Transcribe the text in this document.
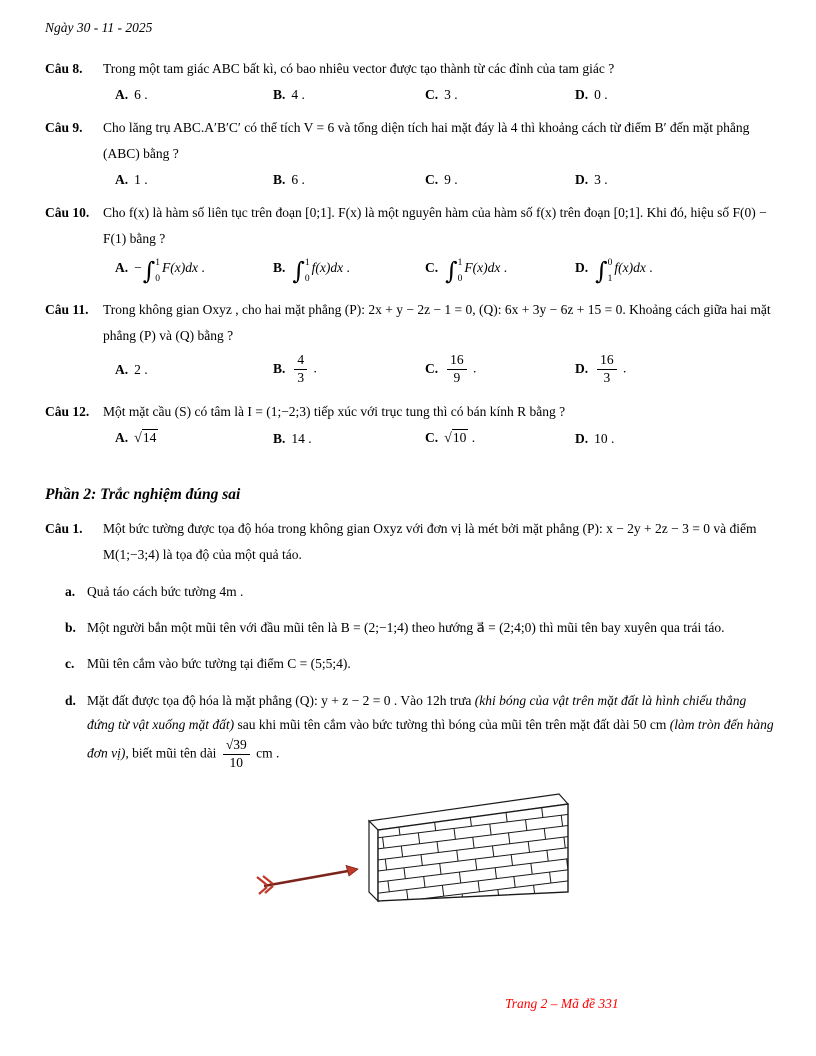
Ngày 30 - 11 - 2025
Câu 8.	Trong một tam giác ABC bất kì, có bao nhiêu vector được tạo thành từ các đỉnh của tam giác ?
A. 6 .	B. 4 .	C. 3 .	D. 0 .
Câu 9.	Cho lăng trụ ABC.A′B′C′ có thể tích V = 6 và tổng diện tích hai mặt đáy là 4 thì khoảng cách từ điểm B′ đến mặt phẳng (ABC) bằng ?
A. 1 .	B. 6 .	C. 9 .	D. 3 .
Câu 10.	Cho f(x) là hàm số liên tục trên đoạn [0;1]. F(x) là một nguyên hàm của hàm số f(x) trên đoạn [0;1]. Khi đó, hiệu số F(0) − F(1) bằng ?
A. − ∫ 1
0
F(x)dx .	B. ∫ 1
0
f(x)dx .	C. ∫ 1
0
F(x)dx .	D. ∫ 0
1
f(x)dx .
Câu 11.	Trong không gian Oxyz , cho hai mặt phẳng (P): 2x + y − 2z − 1 = 0, (Q): 6x + 3y − 6z + 15 = 0. Khoảng cách giữa hai mặt phẳng (P) và (Q) bằng ?
A. 2 .	B. $\frac{4}{3}$ .	C. $\frac{16}{9}$ .	D. $\frac{16}{3}$ .
Câu 12.	Một mặt cầu (S) có tâm là I = (1;−2;3) tiếp xúc với trục tung thì có bán kính R bằng ?
A. √14	B. 14 .	C. √10 .	D. 10 .
Phần 2: Trắc nghiệm đúng sai
Câu 1.	Một bức tường được tọa độ hóa trong không gian Oxyz với đơn vị là mét bởi mặt phẳng (P): x − 2y + 2z − 3 = 0 và điểm M(1;−3;4) là tọa độ của một quả táo.
a. Quả táo cách bức tường 4m .
b. Một người bắn một mũi tên với đầu mũi tên là B = (2;−1;4) theo hướng a⃗ = (2;4;0) thì mũi tên bay xuyên qua trái táo.
c. Mũi tên cắm vào bức tường tại điểm C = (5;5;4).
d. Mặt đất được tọa độ hóa là mặt phẳng (Q): y + z − 2 = 0 . Vào 12h trưa (khi bóng của vật trên mặt đất là hình chiếu thẳng đứng từ vật xuống mặt đất) sau khi mũi tên cắm vào bức tường thì bóng của mũi tên trên mặt đất dài 50 cm (làm tròn đến hàng đơn vị), biết mũi tên dài $\frac{√39}{10}$ cm .
Trang 2 – Mã đề 331
